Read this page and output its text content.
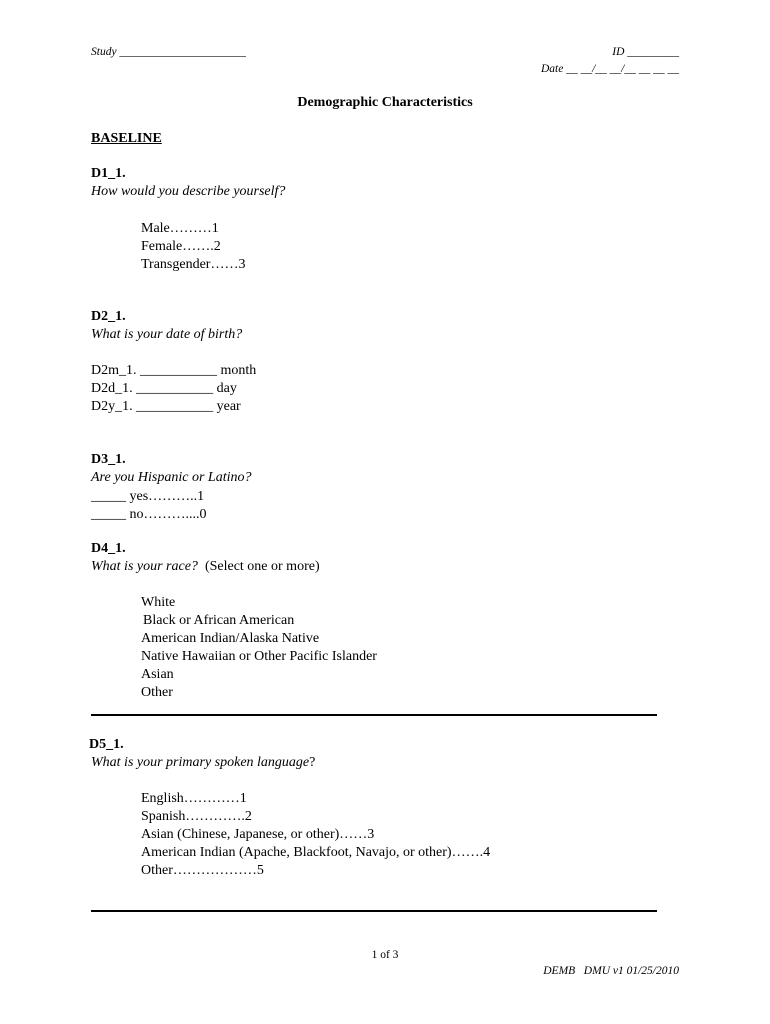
Study ______________________	ID _________
Date __ __/__ __/__ __ __ __
Demographic Characteristics
BASELINE
D1_1.
How would you describe yourself?
Male………1
Female…….2
Transgender……3
D2_1.
What is your date of birth?
D2m_1. ___________ month
D2d_1. ___________ day
D2y_1. ___________ year
D3_1.
Are you Hispanic or Latino?
_____ yes………..1
_____ no………....0
D4_1.
What is your race? (Select one or more)
White
Black or African American
American Indian/Alaska Native
Native Hawaiian or Other Pacific Islander
Asian
Other
D5_1.
What is your primary spoken language?
English…………1
Spanish………….2
Asian (Chinese, Japanese, or other)……3
American Indian (Apache, Blackfoot, Navajo, or other)…….4
Other………………5
1 of 3
DEMB   DMU v1 01/25/2010
